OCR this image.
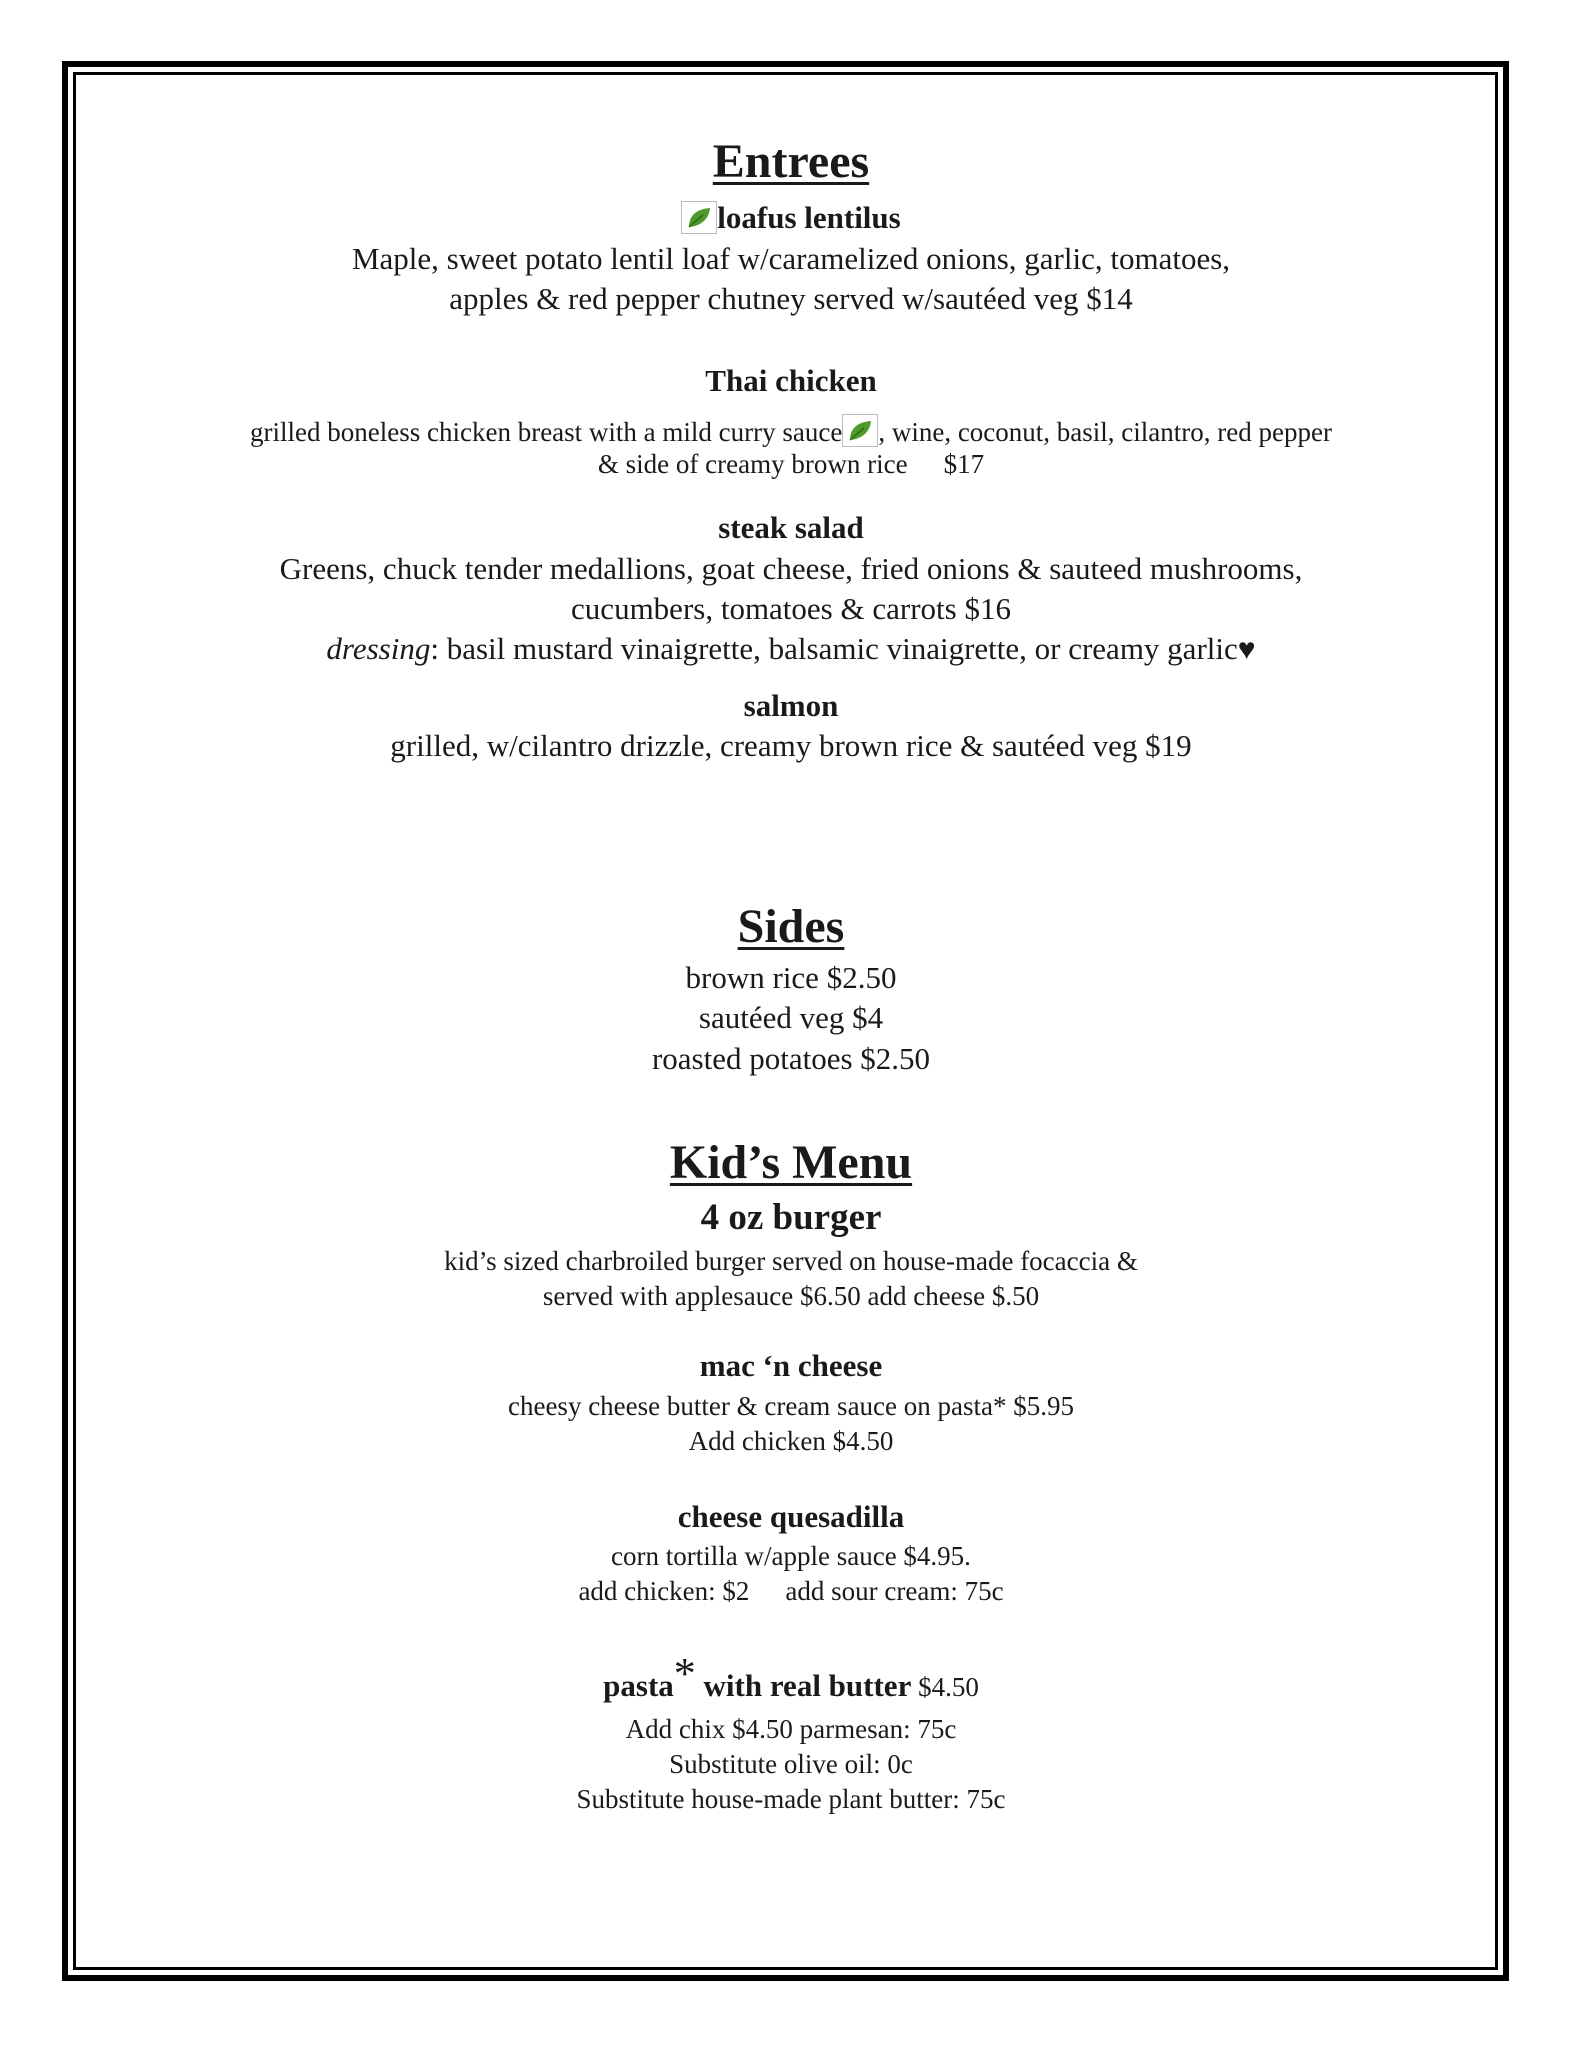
Entrees
loafus lentilus
Maple, sweet potato lentil loaf w/caramelized onions, garlic, tomatoes,
apples & red pepper chutney served w/sautéed veg $14
Thai chicken
grilled boneless chicken breast with a mild curry sauce , wine, coconut, basil, cilantro, red pepper
& side of creamy brown rice $17
steak salad
Greens, chuck tender medallions, goat cheese, fried onions & sauteed mushrooms,
cucumbers, tomatoes & carrots $16
dressing: basil mustard vinaigrette, balsamic vinaigrette, or creamy garlic♥
salmon
grilled, w/cilantro drizzle, creamy brown rice & sautéed veg $19
Sides
brown rice $2.50
sautéed veg $4
roasted potatoes $2.50
Kid’s Menu
4 oz burger
kid’s sized charbroiled burger served on house-made focaccia &
served with applesauce $6.50 add cheese $.50
mac ‘n cheese
cheesy cheese butter & cream sauce on pasta* $5.95
Add chicken $4.50
cheese quesadilla
corn tortilla w/apple sauce $4.95.
add chicken: $2 add sour cream: 75c
pasta* with real butter $4.50
Add chix $4.50 parmesan: 75c
Substitute olive oil: 0c
Substitute house-made plant butter: 75c
